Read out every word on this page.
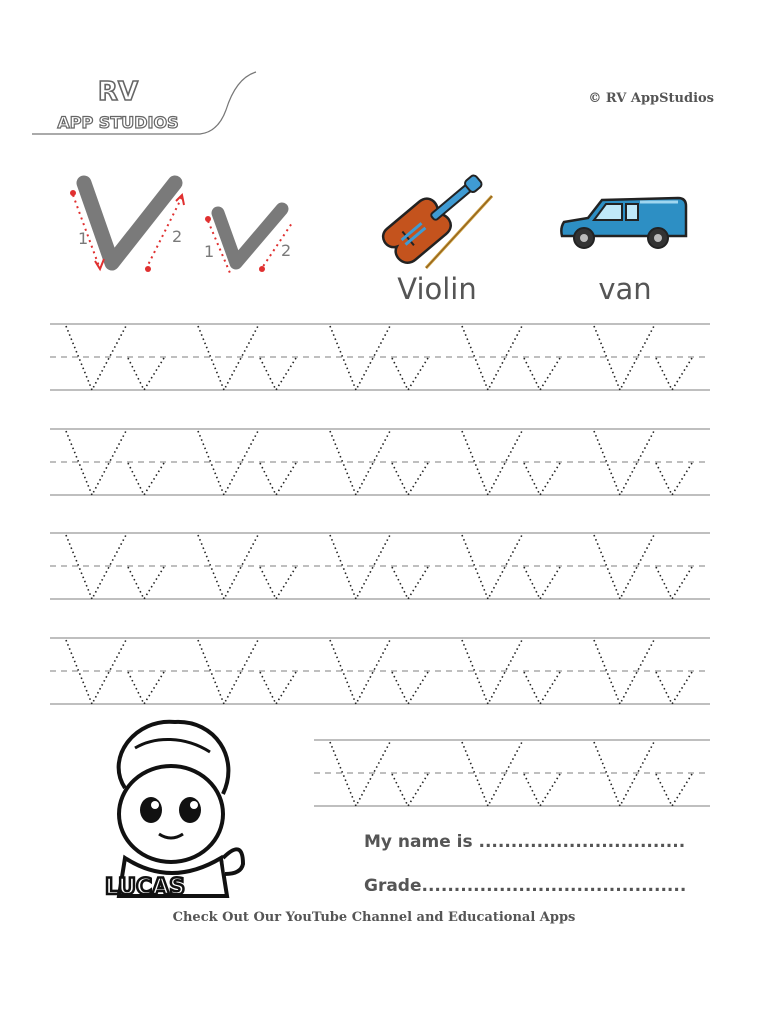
RV
APP STUDIOS
© RV AppStudios
1	2
1	2
Violin	van
LUCAS
My name is ................................
Grade.........................................
Check Out Our YouTube Channel and Educational Apps
